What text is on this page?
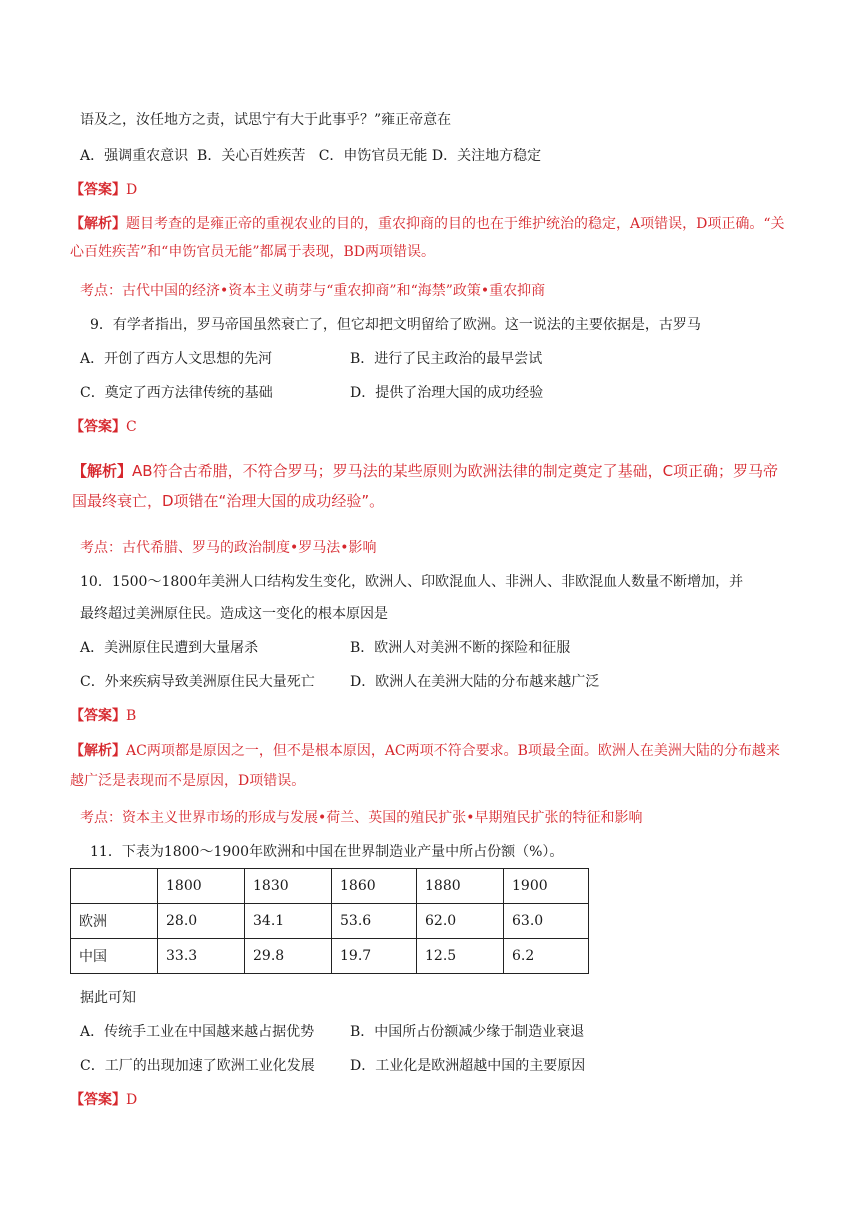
语及之，汝任地方之责，试思宁有大于此事乎？”雍正帝意在
A．强调重农意识 B．关心百姓疾苦 C．申饬官员无能 D．关注地方稳定
【答案】D
【解析】题目考查的是雍正帝的重视农业的目的，重农抑商的目的也在于维护统治的稳定，A项错误，D项正确。“关心百姓疾苦”和“申饬官员无能”都属于表现，BD两项错误。
考点：古代中国的经济•资本主义萌芽与“重农抑商”和“海禁”政策•重农抑商
9．有学者指出，罗马帝国虽然衰亡了，但它却把文明留给了欧洲。这一说法的主要依据是，古罗马
A．开创了西方人文思想的先河	B．进行了民主政治的最早尝试
C．奠定了西方法律传统的基础	D．提供了治理大国的成功经验
【答案】C
【解析】AB符合古希腊，不符合罗马；罗马法的某些原则为欧洲法律的制定奠定了基础，C项正确；罗马帝国最终衰亡，D项错在“治理大国的成功经验”。
考点：古代希腊、罗马的政治制度•罗马法•影响
10．1500～1800年美洲人口结构发生变化，欧洲人、印欧混血人、非洲人、非欧混血人数量不断增加，并
最终超过美洲原住民。造成这一变化的根本原因是
A．美洲原住民遭到大量屠杀	B．欧洲人对美洲不断的探险和征服
C．外来疾病导致美洲原住民大量死亡	D．欧洲人在美洲大陆的分布越来越广泛
【答案】B
【解析】AC两项都是原因之一，但不是根本原因，AC两项不符合要求。B项最全面。欧洲人在美洲大陆的分布越来越广泛是表现而不是原因，D项错误。
考点：资本主义世界市场的形成与发展•荷兰、英国的殖民扩张•早期殖民扩张的特征和影响
11．下表为1800～1900年欧洲和中国在世界制造业产量中所占份额（%）。
	1800	1830	1860	1880	1900
欧洲	28.0	34.1	53.6	62.0	63.0
中国	33.3	29.8	19.7	12.5	6.2
据此可知
A．传统手工业在中国越来越占据优势	B．中国所占份额减少缘于制造业衰退
C．工厂的出现加速了欧洲工业化发展	D．工业化是欧洲超越中国的主要原因
【答案】D
